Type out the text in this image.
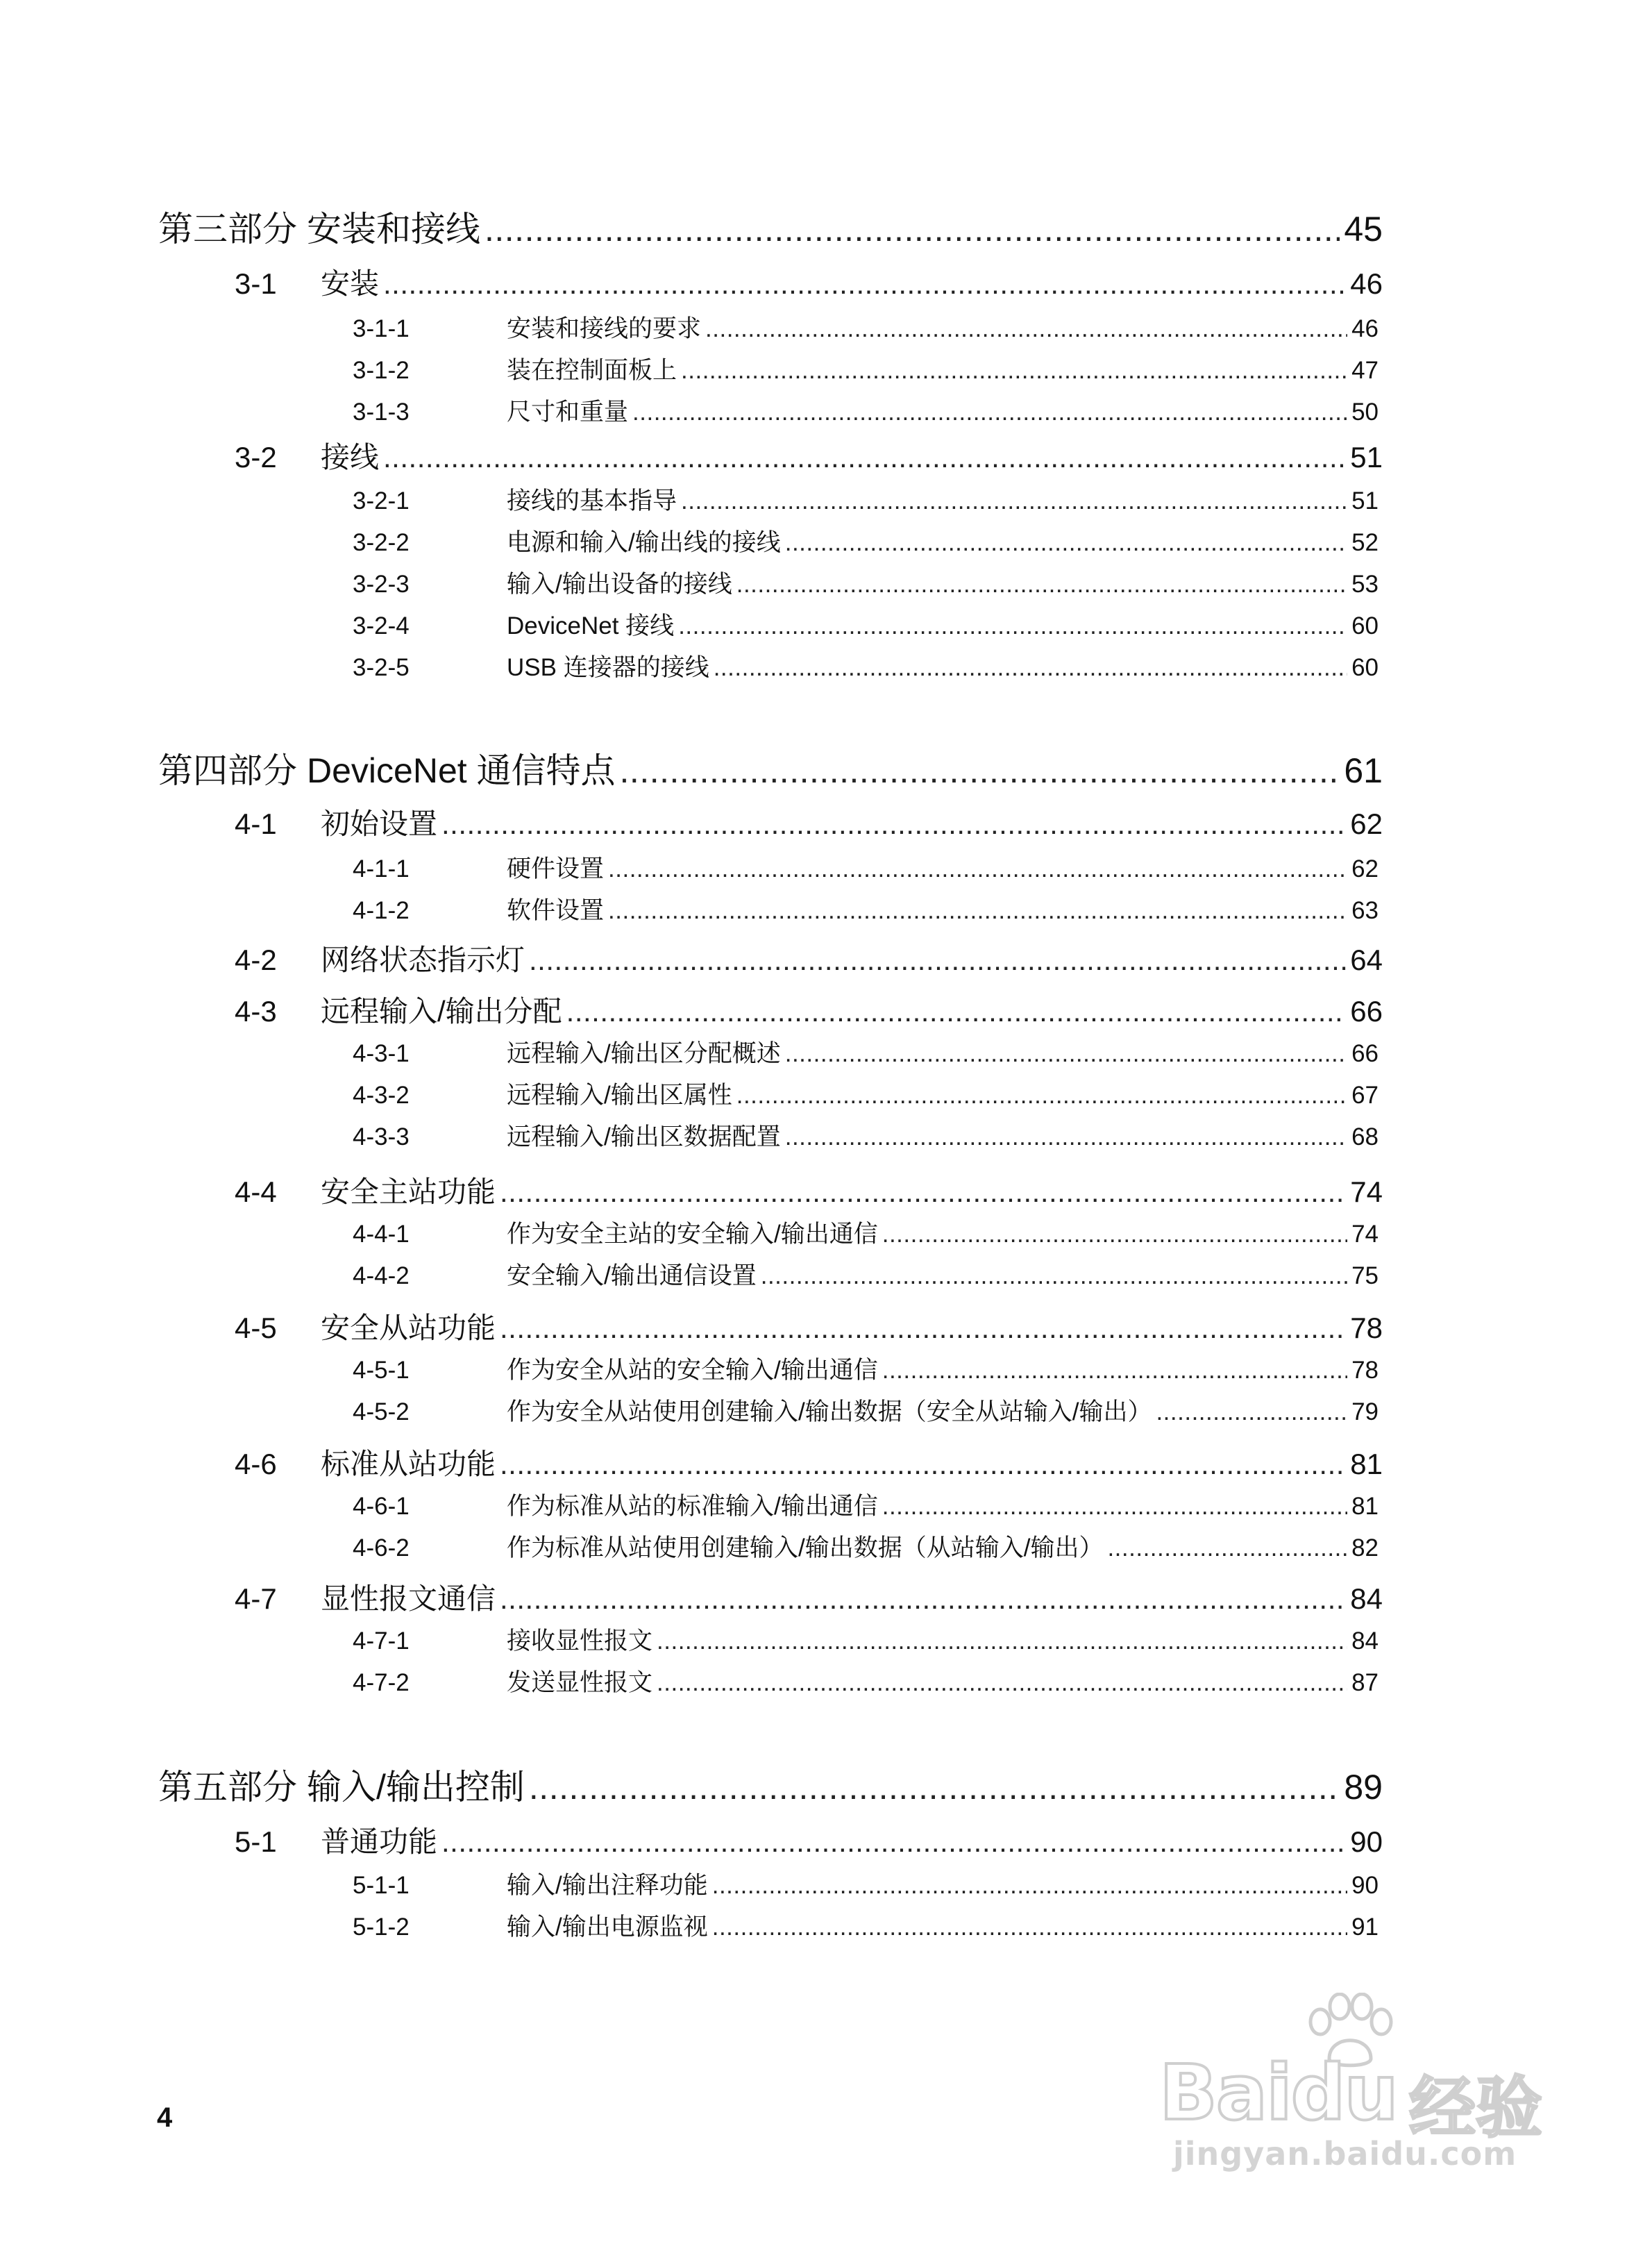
第三部分 安装和接线 .....	45
3-1	安装 .....	46
3-1-1	安装和接线的要求 .....	46
3-1-2	装在控制面板上 .....	47
3-1-3	尺寸和重量 .....	50
3-2	接线 .....	51
3-2-1	接线的基本指导 .....	51
3-2-2	电源和输入/输出线的接线 .....	52
3-2-3	输入/输出设备的接线 .....	53
3-2-4	DeviceNet 接线 .....	60
3-2-5	USB 连接器的接线 .....	60
第四部分 DeviceNet 通信特点 .....	61
4-1	初始设置 .....	62
4-1-1	硬件设置 .....	62
4-1-2	软件设置 .....	63
4-2	网络状态指示灯 .....	64
4-3	远程输入/输出分配 .....	66
4-3-1	远程输入/输出区分配概述 .....	66
4-3-2	远程输入/输出区属性 .....	67
4-3-3	远程输入/输出区数据配置 .....	68
4-4	安全主站功能 .....	74
4-4-1	作为安全主站的安全输入/输出通信 .....	74
4-4-2	安全输入/输出通信设置 .....	75
4-5	安全从站功能 .....	78
4-5-1	作为安全从站的安全输入/输出通信 .....	78
4-5-2	作为安全从站使用创建输入/输出数据（安全从站输入/输出） .....	79
4-6	标准从站功能 .....	81
4-6-1	作为标准从站的标准输入/输出通信 .....	81
4-6-2	作为标准从站使用创建输入/输出数据（从站输入/输出） .....	82
4-7	显性报文通信 .....	84
4-7-1	接收显性报文 .....	84
4-7-2	发送显性报文 .....	87
第五部分 输入/输出控制 .....	89
5-1	普通功能 .....	90
5-1-1	输入/输出注释功能 .....	90
5-1-2	输入/输出电源监视 .....	91
4	Baidu 经验
jingyan.baidu.com
